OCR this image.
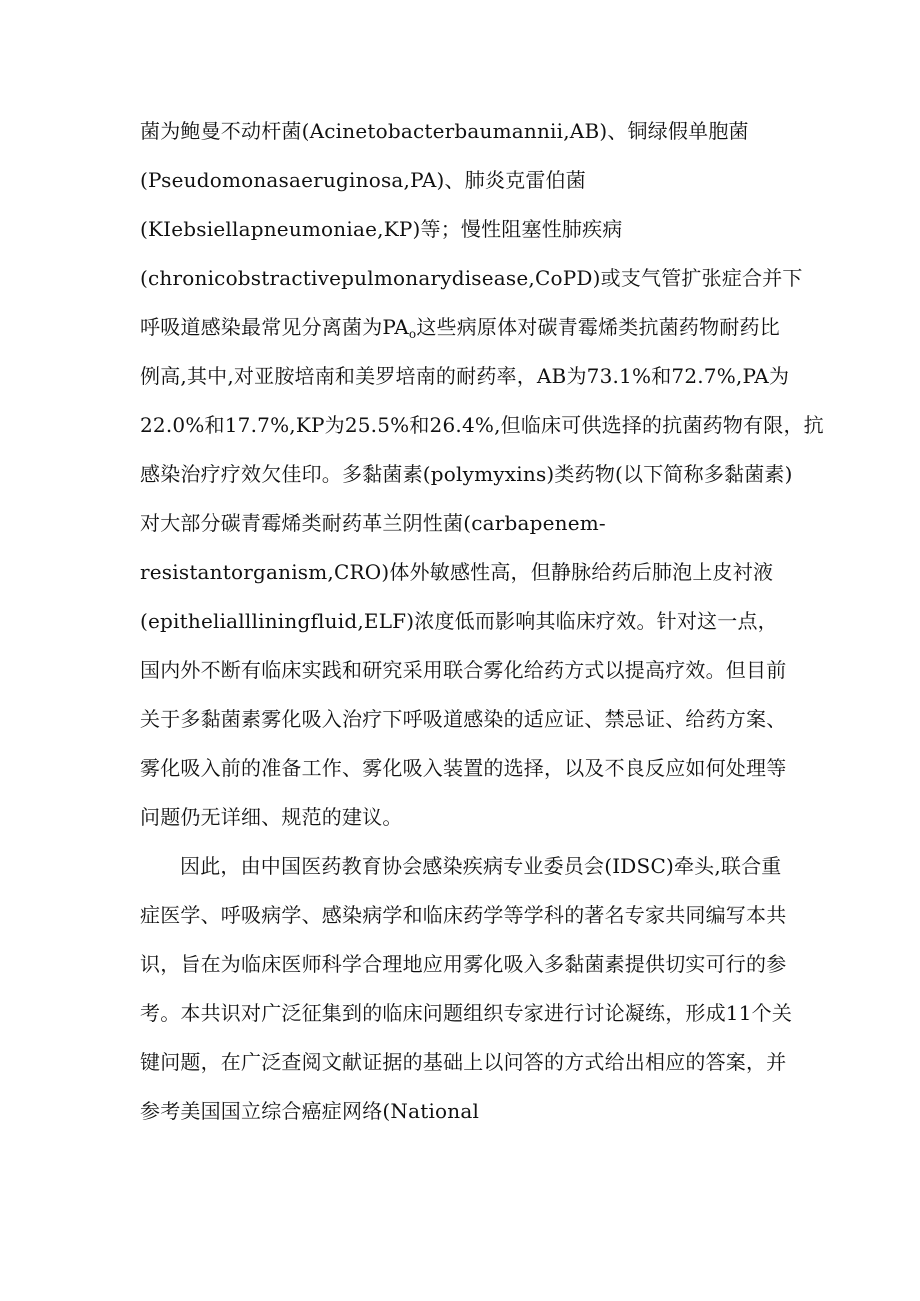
菌为鲍曼不动杆菌(Acinetobacterbaumannii,AB)、铜绿假单胞菌
(Pseudomonasaeruginosa,PA)、肺炎克雷伯菌
(KIebsiellapneumoniae,KP)等；慢性阻塞性肺疾病
(chronicobstractivepulmonarydisease,CoPD)或支气管扩张症合并下
呼吸道感染最常见分离菌为$PA_o$这些病原体对碳青霉烯类抗菌药物耐药比
例高,其中,对亚胺培南和美罗培南的耐药率，AB为73.1%和72.7%,PA为
22.0%和17.7%,KP为25.5%和26.4%,但临床可供选择的抗菌药物有限，抗
感染治疗疗效欠佳印。多黏菌素(polymyxins)类药物(以下简称多黏菌素)
对大部分碳青霉烯类耐药革兰阴性菌(carbapenem-
resistantorganism,CRO)体外敏感性高，但静脉给药后肺泡上皮衬液
(epitheliallliningfluid,ELF)浓度低而影响其临床疗效。针对这一点，
国内外不断有临床实践和研究采用联合雾化给药方式以提高疗效。但目前
关于多黏菌素雾化吸入治疗下呼吸道感染的适应证、禁忌证、给药方案、
雾化吸入前的准备工作、雾化吸入装置的选择，以及不良反应如何处理等
问题仍无详细、规范的建议。
因此，由中国医药教育协会感染疾病专业委员会(IDSC)牵头,联合重
症医学、呼吸病学、感染病学和临床药学等学科的著名专家共同编写本共
识，旨在为临床医师科学合理地应用雾化吸入多黏菌素提供切实可行的参
考。本共识对广泛征集到的临床问题组织专家进行讨论凝练，形成11个关
键问题，在广泛查阅文献证据的基础上以问答的方式给出相应的答案，并
参考美国国立综合癌症网络(National
